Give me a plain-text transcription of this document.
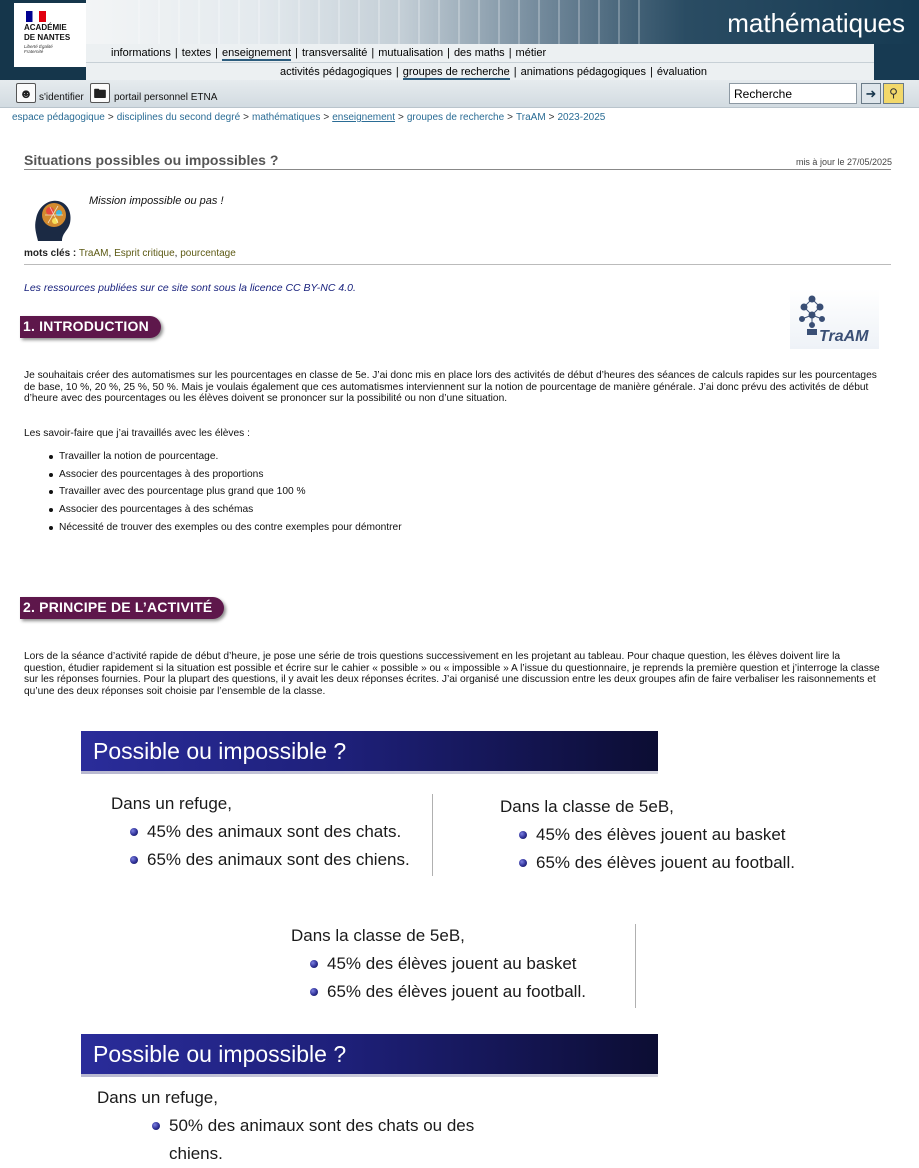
ACADÉMIE
DE NANTES
Liberté Égalité Fraternité
mathématiques
informations | textes | enseignement | transversalité | mutualisation | des maths | métier
activités pédagogiques | groupes de recherche | animations pédagogiques | évaluation
☻ s'identifier 🖿 portail personnel ETNA
Recherche	➜	⚲
espace pédagogique > disciplines du second degré > mathématiques > enseignement > groupes de recherche > TraAM > 2023-2025
Situations possibles ou impossibles ?	mis à jour le 27/05/2025
Mission impossible ou pas !
mots clés : TraAM, Esprit critique, pourcentage
Les ressources publiées sur ce site sont sous la licence CC BY-NC 4.0.
TraAM
1. INTRODUCTION
Je souhaitais créer des automatismes sur les pourcentages en classe de 5e. J’ai donc mis en place lors des activités de début d’heures des séances de calculs rapides sur les pourcentages de base, 10 %, 20 %, 25 %, 50 %. Mais je voulais également que ces automatismes interviennent sur la notion de pourcentage de manière générale. J’ai donc prévu des activités de début d’heure avec des pourcentages ou les élèves doivent se prononcer sur la possibilité ou non d’une situation.
Les savoir-faire que j’ai travaillés avec les élèves :
Travailler la notion de pourcentage.
Associer des pourcentages à des proportions
Travailler avec des pourcentage plus grand que 100 %
Associer des pourcentages à des schémas
Nécessité de trouver des exemples ou des contre exemples pour démontrer
2. PRINCIPE DE L’ACTIVITÉ
Lors de la séance d’activité rapide de début d’heure, je pose une série de trois questions successivement en les projetant au tableau. Pour chaque question, les élèves doivent lire la question, étudier rapidement si la situation est possible et écrire sur le cahier « possible » ou « impossible » A l’issue du questionnaire, je reprends la première question et j’interroge la classe sur les réponses fournies. Pour la plupart des questions, il y avait les deux réponses écrites. J’ai organisé une discussion entre les deux groupes afin de faire verbaliser les raisonnements et qu’une des deux réponses soit choisie par l’ensemble de la classe.
Possible ou impossible ?
Dans un refuge,
45% des animaux sont des chats.
65% des animaux sont des chiens.
Dans la classe de 5eB,
45% des élèves jouent au basket
65% des élèves jouent au football.
Dans la classe de 5eB,
45% des élèves jouent au basket
65% des élèves jouent au football.
Possible ou impossible ?
Dans un refuge,
50% des animaux sont des chats ou des chiens.
